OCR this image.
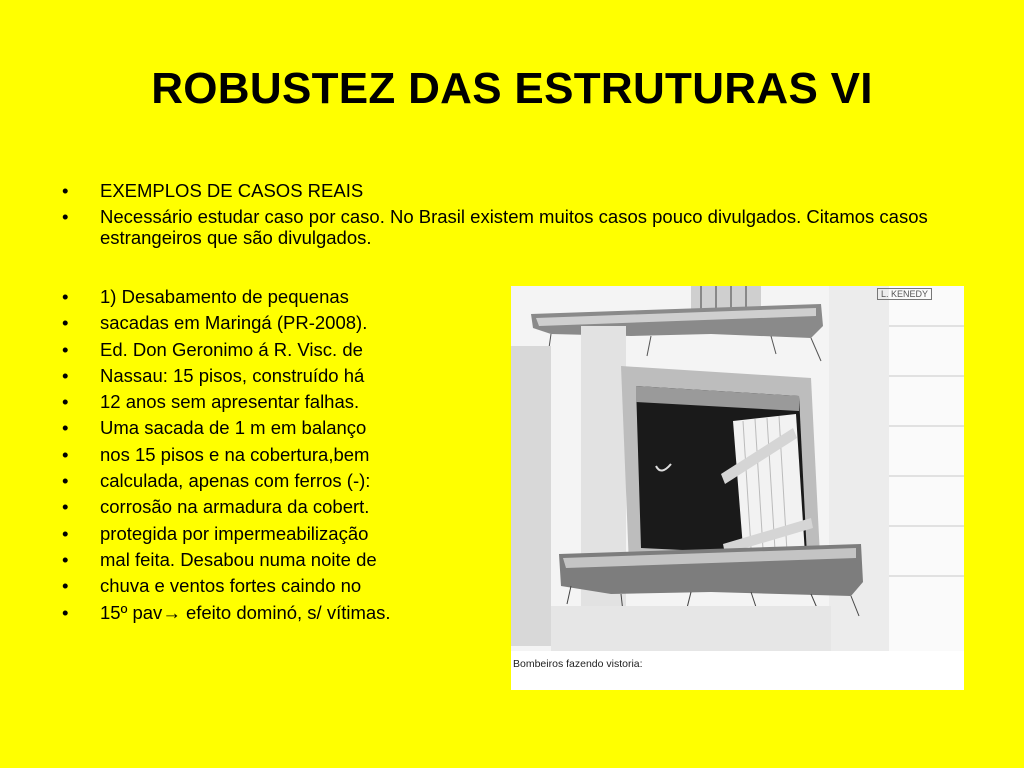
ROBUSTEZ DAS ESTRUTURAS VI
• EXEMPLOS DE CASOS REAIS
• Necessário estudar caso por caso. No Brasil existem muitos casos pouco divulgados. Citamos casos estrangeiros que são divulgados.
• 1) Desabamento de pequenas
• sacadas em Maringá (PR-2008).
• Ed. Don Geronimo á R. Visc. de
• Nassau: 15 pisos, construído há
• 12 anos sem apresentar falhas.
• Uma sacada de 1 m em balanço
• nos 15 pisos e na cobertura,bem
• calculada, apenas com ferros (-):
• corrosão na armadura da cobert.
• protegida por impermeabilização
• mal feita. Desabou numa noite de
• chuva e ventos fortes caindo no
• 15º pav→ efeito dominó, s/ vítimas.
L. KENEDY
Bombeiros fazendo vistoria:
